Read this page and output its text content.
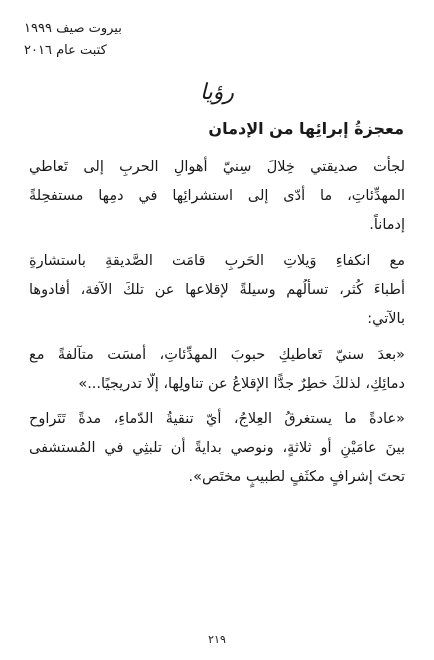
بيروت صيف ١٩٩٩
كتبت عام ٢٠١٦
رؤيا
معجزةُ إبرائِها من الإدمان
لجأت صديقتي خِلالَ سِنيّ أهوالِ الحربِ إلى تَعاطي
المهدِّئاتِ، ما أدّى إلى استشرائِها في دمِها مستفحِلةً
إدماناً.
مع انكفاءِ وَيلاتِ الحَربِ قامَت الصَّديقةِ باستشارةِ
أطباءَ كُثر، تسألُهم وسيلةً لإقلاعها عن تلكَ الآفة، أفادوها
بالآتي:
«بعدَ سنيّ تَعاطيكِ حبوبَ المهدِّئاتِ، أمسَت متآلفةً مع
دمائِكِ، لذلكَ خطِرٌ جدًّا الإقلاعُ عن تناولِها، إلّا تدريجيًا...»
«عادةً ما يستغرقُ العِلاجُ، أيّ تنقيةُ الدّماءِ، مدةً تَتَراوح
بينَ عامَيْنِ أو ثلاثةٍ، ونوصي بدايةً أن تلبثِي في المُستشفى
تحتَ إشرافٍ مكثَفٍ لطبيبٍ مختَص».
٢١٩
